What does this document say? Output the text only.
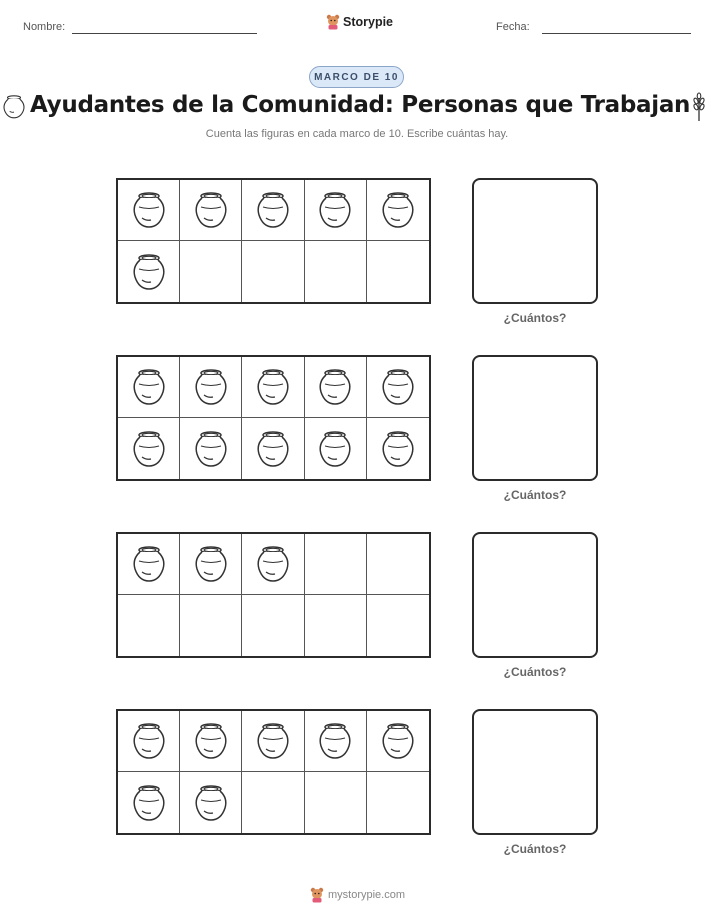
Nombre:	Storypie	Fecha:
MARCO DE 10
Ayudantes de la Comunidad: Personas que Trabajan
Cuenta las figuras en cada marco de 10. Escribe cuántas hay.
¿Cuántos?
¿Cuántos?
¿Cuántos?
¿Cuántos?
mystorypie.com
